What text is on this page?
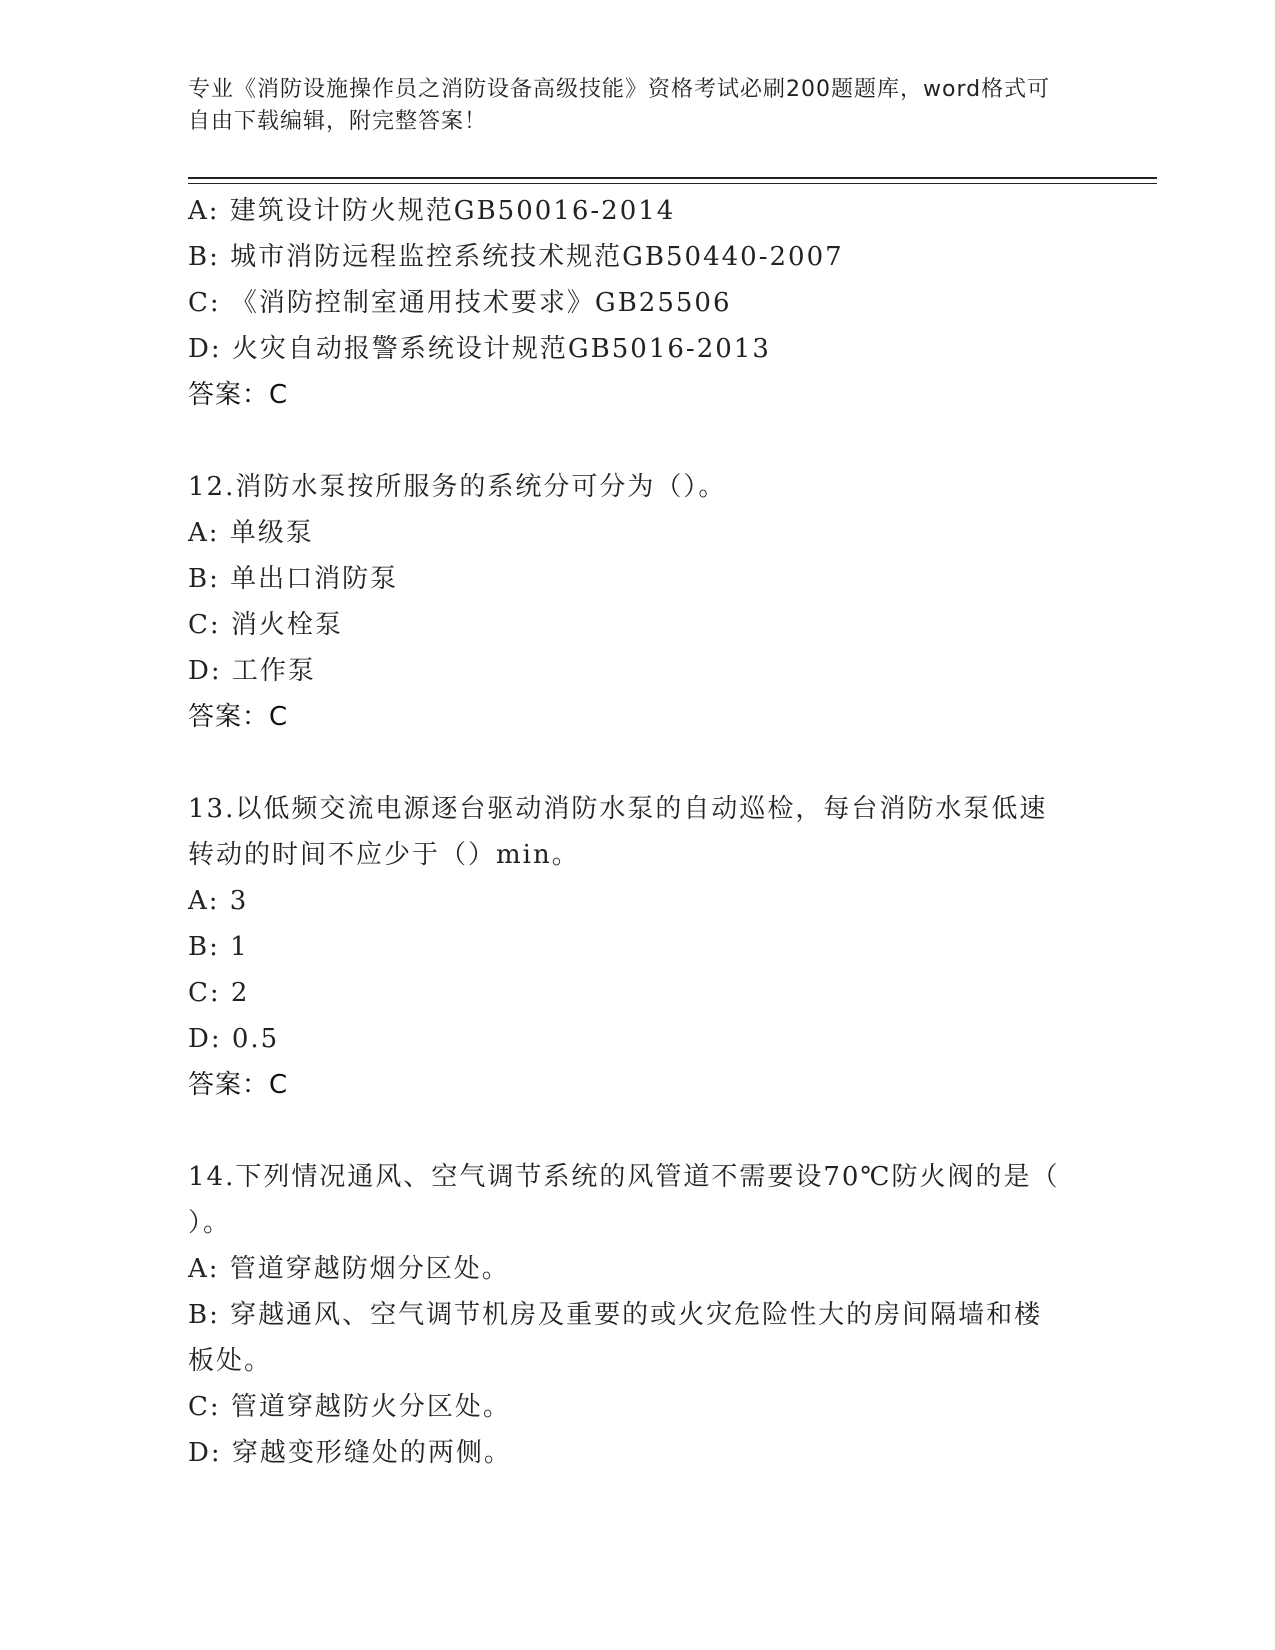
专业《消防设施操作员之消防设备高级技能》资格考试必刷200题题库，word格式可自由下载编辑，附完整答案！
A: 建筑设计防火规范GB50016-2014
B: 城市消防远程监控系统技术规范GB50440-2007
C: 《消防控制室通用技术要求》GB25506
D: 火灾自动报警系统设计规范GB5016-2013
答案：C
12.消防水泵按所服务的系统分可分为（）。
A: 单级泵
B: 单出口消防泵
C: 消火栓泵
D: 工作泵
答案：C
13.以低频交流电源逐台驱动消防水泵的自动巡检，每台消防水泵低速
转动的时间不应少于（）min。
A: 3
B: 1
C: 2
D: 0.5
答案：C
14.下列情况通风、空气调节系统的风管道不需要设70℃防火阀的是（
）。
A: 管道穿越防烟分区处。
B: 穿越通风、空气调节机房及重要的或火灾危险性大的房间隔墙和楼
板处。
C: 管道穿越防火分区处。
D: 穿越变形缝处的两侧。
